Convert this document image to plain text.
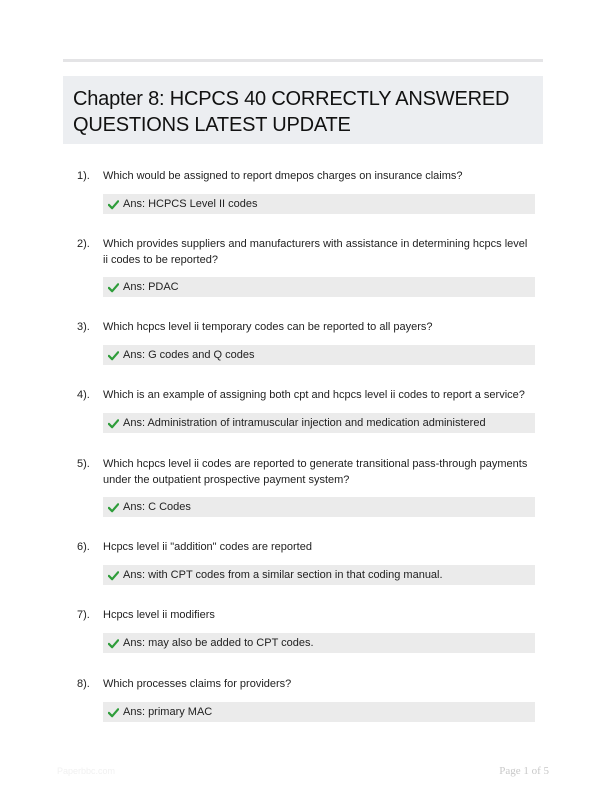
Chapter 8: HCPCS 40 CORRECTLY ANSWERED QUESTIONS LATEST UPDATE
1). Which would be assigned to report dmepos charges on insurance claims?
Ans: HCPCS Level II codes
2). Which provides suppliers and manufacturers with assistance in determining hcpcs level ii codes to be reported?
Ans: PDAC
3). Which hcpcs level ii temporary codes can be reported to all payers?
Ans: G codes and Q codes
4). Which is an example of assigning both cpt and hcpcs level ii codes to report a service?
Ans: Administration of intramuscular injection and medication administered
5). Which hcpcs level ii codes are reported to generate transitional pass-through payments under the outpatient prospective payment system?
Ans: C Codes
6). Hcpcs level ii "addition" codes are reported
Ans: with CPT codes from a similar section in that coding manual.
7). Hcpcs level ii modifiers
Ans: may also be added to CPT codes.
8). Which processes claims for providers?
Ans: primary MAC
Paperbbc.com	Page 1 of 5
